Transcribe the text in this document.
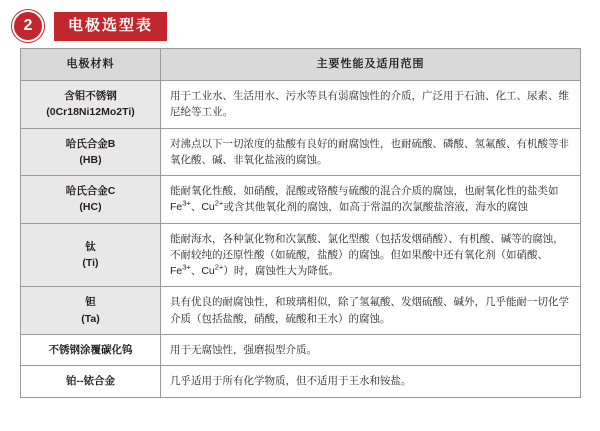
2	电极选型表
电极材料	主要性能及适用范围
含钼不锈钢
(0Cr18Ni12Mo2Ti)	用于工业水、生活用水、污水等具有弱腐蚀性的介质，广泛用于石油、化工、尿素、维尼纶等工业。
哈氏合金B
(HB)	对沸点以下一切浓度的盐酸有良好的耐腐蚀性，也耐硫酸、磷酸、氢氟酸、有机酸等非氧化酸、碱、非氧化盐液的腐蚀。
哈氏合金C
(HC)	能耐氧化性酸，如硝酸，混酸或铬酸与硫酸的混合介质的腐蚀，也耐氧化性的盐类如$Fe^{3+}$、$Cu^{2+}$或含其他氧化剂的腐蚀，如高于常温的次氯酸盐溶液，海水的腐蚀
钛
(Ti)	能耐海水，各种氯化物和次氯酸、氯化型酸（包括发烟硝酸）、有机酸、碱等的腐蚀，不耐较纯的还原性酸（如硫酸，盐酸）的腐蚀。但如果酸中还有氧化剂（如硝酸、$Fe^{3+}$、$Cu^{2+}$）时，腐蚀性大为降低。
钽
(Ta)	具有优良的耐腐蚀性，和玻璃相似，除了氢氟酸、发烟硫酸、碱外，几乎能耐一切化学介质（包括盐酸，硝酸，硫酸和王水）的腐蚀。
不锈钢涂覆碳化钨	用于无腐蚀性，强磨损型介质。
铂--铱合金	几乎适用于所有化学物质，但不适用于王水和铵盐。
